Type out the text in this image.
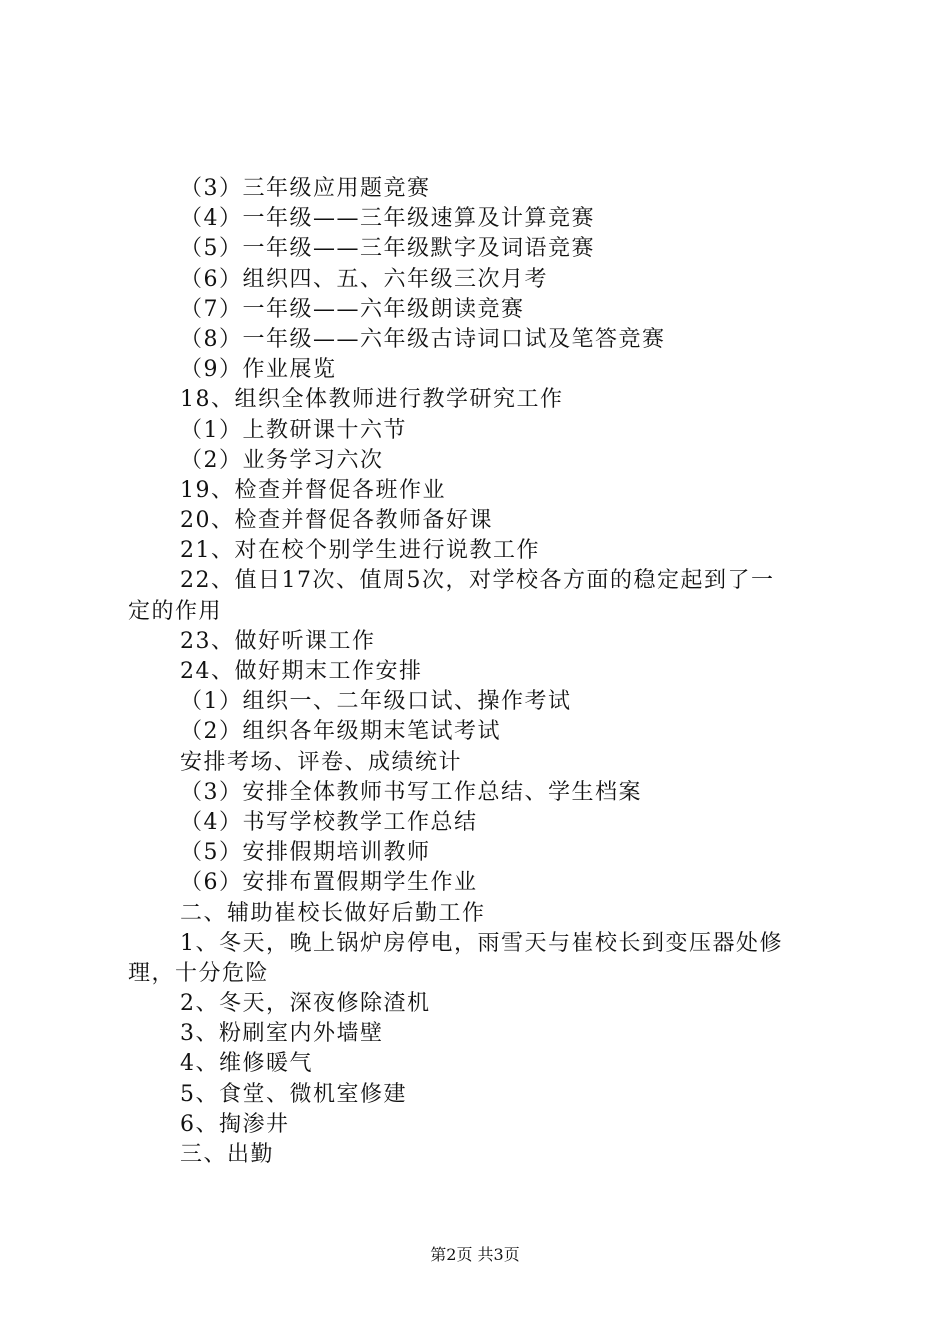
（3）三年级应用题竞赛
（4）一年级——三年级速算及计算竞赛
（5）一年级——三年级默字及词语竞赛
（6）组织四、五、六年级三次月考
（7）一年级——六年级朗读竞赛
（8）一年级——六年级古诗词口试及笔答竞赛
（9）作业展览
18、组织全体教师进行教学研究工作
（1）上教研课十六节
（2）业务学习六次
19、检查并督促各班作业
20、检查并督促各教师备好课
21、对在校个别学生进行说教工作
22、值日17次、值周5次，对学校各方面的稳定起到了一
定的作用
23、做好听课工作
24、做好期末工作安排
（1）组织一、二年级口试、操作考试
（2）组织各年级期末笔试考试
安排考场、评卷、成绩统计
（3）安排全体教师书写工作总结、学生档案
（4）书写学校教学工作总结
（5）安排假期培训教师
（6）安排布置假期学生作业
二、辅助崔校长做好后勤工作
1、冬天，晚上锅炉房停电，雨雪天与崔校长到变压器处修
理，十分危险
2、冬天，深夜修除渣机
3、粉刷室内外墙壁
4、维修暖气
5、食堂、微机室修建
6、掏渗井
三、出勤
第2页 共3页
